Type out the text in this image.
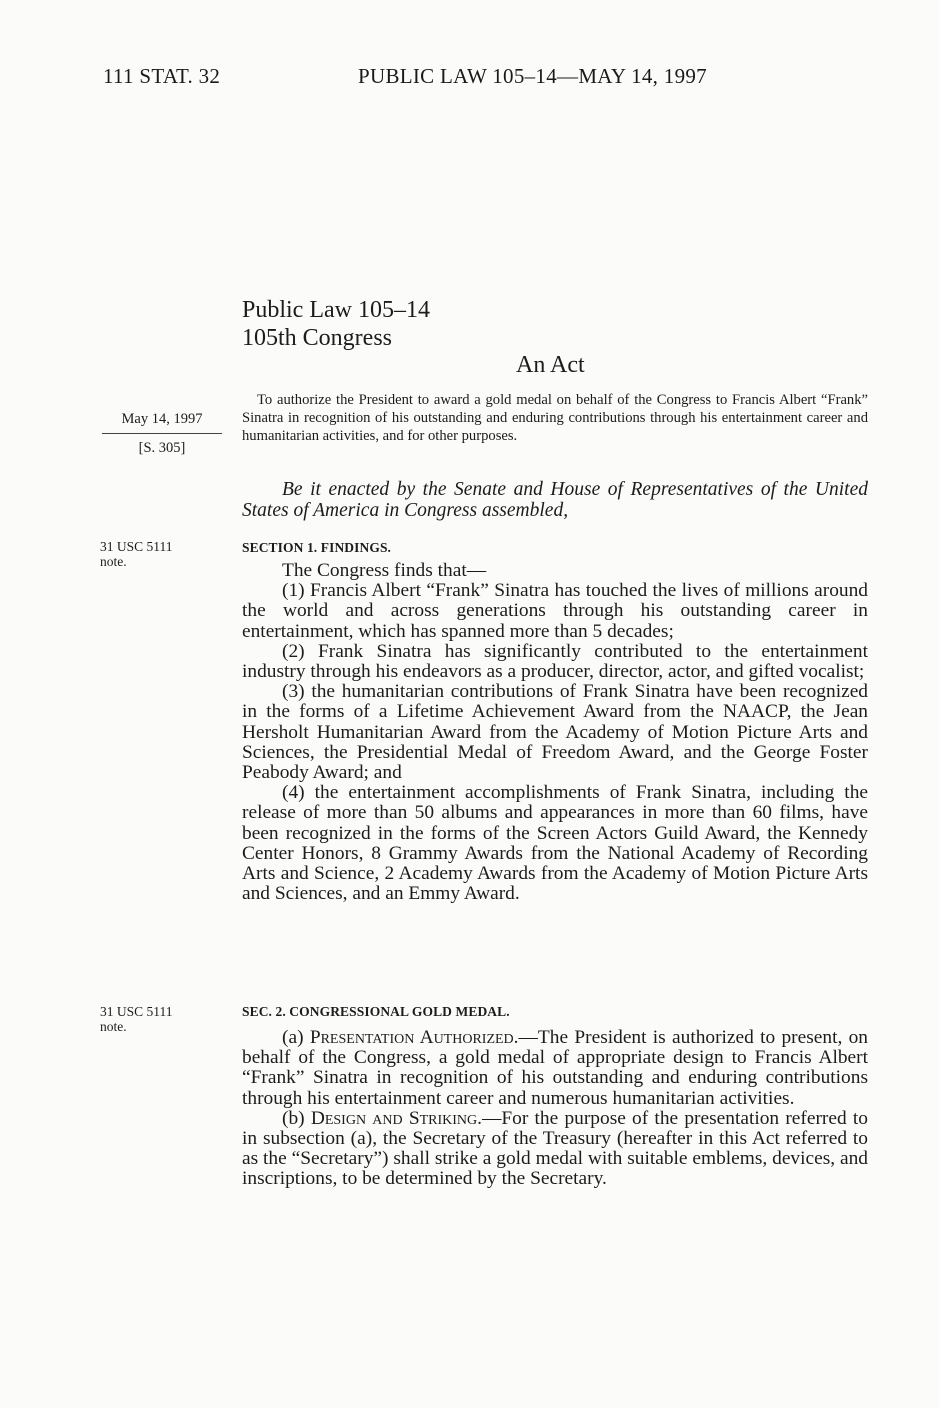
111 STAT. 32	PUBLIC LAW 105–14—MAY 14, 1997
Public Law 105–14
105th Congress
An Act
May 14, 1997
[S. 305]
To authorize the President to award a gold medal on behalf of the Congress to Francis Albert “Frank” Sinatra in recognition of his outstanding and enduring contributions through his entertainment career and humanitarian activities, and for other purposes.
Be it enacted by the Senate and House of Representatives of the United States of America in Congress assembled,
31 USC 5111
note.
31 USC 5111
note.
SECTION 1. FINDINGS.

The Congress finds that—

(1) Francis Albert “Frank” Sinatra has touched the lives of millions around the world and across generations through his outstanding career in entertainment, which has spanned more than 5 decades;

(2) Frank Sinatra has significantly contributed to the entertainment industry through his endeavors as a producer, director, actor, and gifted vocalist;

(3) the humanitarian contributions of Frank Sinatra have been recognized in the forms of a Lifetime Achievement Award from the NAACP, the Jean Hersholt Humanitarian Award from the Academy of Motion Picture Arts and Sciences, the Presidential Medal of Freedom Award, and the George Foster Peabody Award; and

(4) the entertainment accomplishments of Frank Sinatra, including the release of more than 50 albums and appearances in more than 60 films, have been recognized in the forms of the Screen Actors Guild Award, the Kennedy Center Honors, 8 Grammy Awards from the National Academy of Recording Arts and Science, 2 Academy Awards from the Academy of Motion Picture Arts and Sciences, and an Emmy Award.

SEC. 2. CONGRESSIONAL GOLD MEDAL.

(a) Presentation Authorized.—The President is authorized to present, on behalf of the Congress, a gold medal of appropriate design to Francis Albert “Frank” Sinatra in recognition of his outstanding and enduring contributions through his entertainment career and numerous humanitarian activities.

(b) Design and Striking.—For the purpose of the presentation referred to in subsection (a), the Secretary of the Treasury (hereafter in this Act referred to as the “Secretary”) shall strike a gold medal with suitable emblems, devices, and inscriptions, to be determined by the Secretary.
